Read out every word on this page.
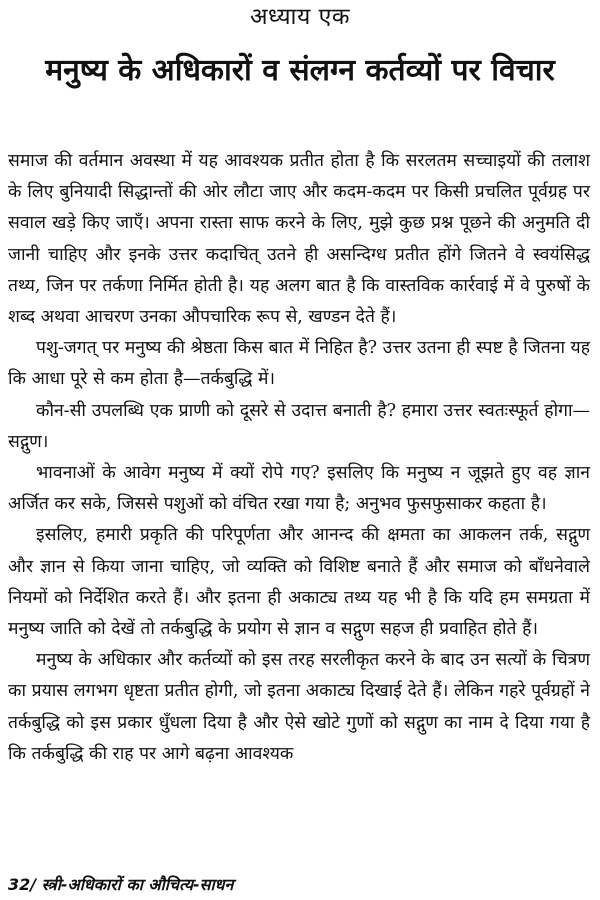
अध्याय एक
मनुष्य के अधिकारों व संलग्न कर्तव्यों पर विचार

समाज की वर्तमान अवस्था में यह आवश्यक प्रतीत होता है कि सरलतम सच्चाइयों की तलाश के लिए बुनियादी सिद्धान्तों की ओर लौटा जाए और कदम-कदम पर किसी प्रचलित पूर्वग्रह पर सवाल खड़े किए जाएँ। अपना रास्ता साफ करने के लिए, मुझे कुछ प्रश्न पूछने की अनुमति दी जानी चाहिए और इनके उत्तर कदाचित् उतने ही असन्दिग्ध प्रतीत होंगे जितने वे स्वयंसिद्ध तथ्य, जिन पर तर्कणा निर्मित होती है। यह अलग बात है कि वास्तविक कार्रवाई में वे पुरुषों के शब्द अथवा आचरण उनका औपचारिक रूप से, खण्डन देते हैं।

पशु-जगत् पर मनुष्य की श्रेष्ठता किस बात में निहित है? उत्तर उतना ही स्पष्ट है जितना यह कि आधा पूरे से कम होता है—तर्कबुद्धि में।

कौन-सी उपलब्धि एक प्राणी को दूसरे से उदात्त बनाती है? हमारा उत्तर स्वतःस्फूर्त होगा—सद्गुण।

भावनाओं के आवेग मनुष्य में क्यों रोपे गए? इसलिए कि मनुष्य न जूझते हुए वह ज्ञान अर्जित कर सके, जिससे पशुओं को वंचित रखा गया है; अनुभव फुसफुसाकर कहता है।

इसलिए, हमारी प्रकृति की परिपूर्णता और आनन्द की क्षमता का आकलन तर्क, सद्गुण और ज्ञान से किया जाना चाहिए, जो व्यक्ति को विशिष्ट बनाते हैं और समाज को बाँधनेवाले नियमों को निर्देशित करते हैं। और इतना ही अकाट्य तथ्य यह भी है कि यदि हम समग्रता में मनुष्य जाति को देखें तो तर्कबुद्धि के प्रयोग से ज्ञान व सद्गुण सहज ही प्रवाहित होते हैं।

मनुष्य के अधिकार और कर्तव्यों को इस तरह सरलीकृत करने के बाद उन सत्यों के चित्रण का प्रयास लगभग धृष्टता प्रतीत होगी, जो इतना अकाट्य दिखाई देते हैं। लेकिन गहरे पूर्वग्रहों ने तर्कबुद्धि को इस प्रकार धुँधला दिया है और ऐसे खोटे गुणों को सद्गुण का नाम दे दिया गया है कि तर्कबुद्धि की राह पर आगे बढ़ना आवश्यक

32/ स्त्री-अधिकारों का औचित्य-साधन
